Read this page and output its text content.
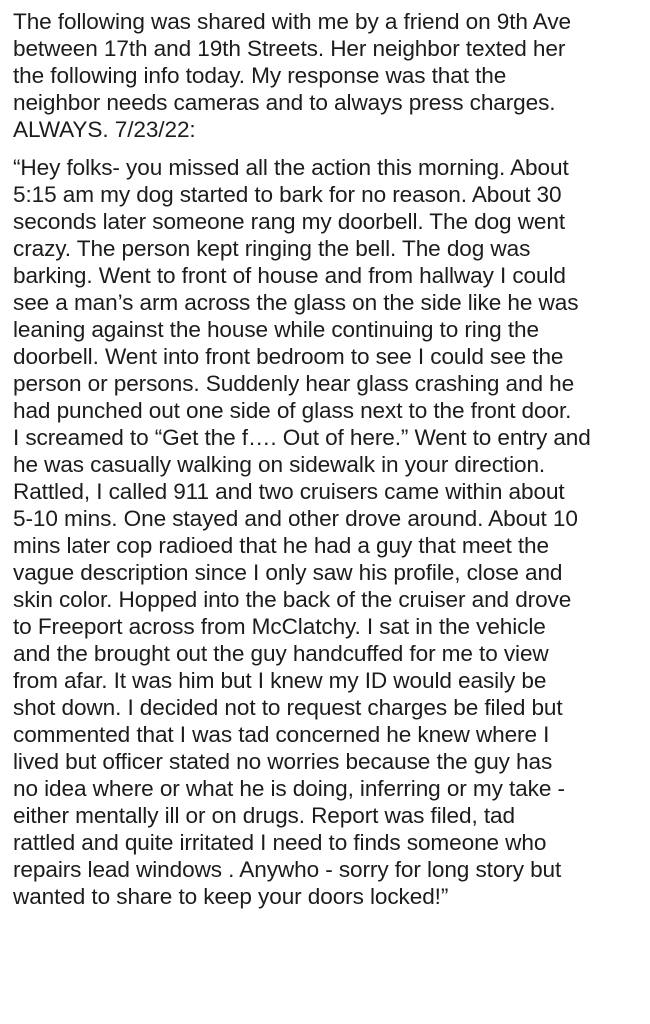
The following was shared with me by a friend on 9th Ave
between 17th and 19th Streets. Her neighbor texted her
the following info today. My response was that the
neighbor needs cameras and to always press charges.
ALWAYS. 7/23/22:
“Hey folks- you missed all the action this morning. About
5:15 am my dog started to bark for no reason. About 30
seconds later someone rang my doorbell. The dog went
crazy. The person kept ringing the bell. The dog was
barking. Went to front of house and from hallway I could
see a man’s arm across the glass on the side like he was
leaning against the house while continuing to ring the
doorbell. Went into front bedroom to see I could see the
person or persons. Suddenly hear glass crashing and he
had punched out one side of glass next to the front door.
I screamed to “Get the f…. Out of here.” Went to entry and
he was casually walking on sidewalk in your direction.
Rattled, I called 911 and two cruisers came within about
5-10 mins. One stayed and other drove around. About 10
mins later cop radioed that he had a guy that meet the
vague description since I only saw his profile, close and
skin color. Hopped into the back of the cruiser and drove
to Freeport across from McClatchy. I sat in the vehicle
and the brought out the guy handcuffed for me to view
from afar. It was him but I knew my ID would easily be
shot down. I decided not to request charges be filed but
commented that I was tad concerned he knew where I
lived but officer stated no worries because the guy has
no idea where or what he is doing, inferring or my take -
either mentally ill or on drugs. Report was filed, tad
rattled and quite irritated I need to finds someone who
repairs lead windows . Anywho - sorry for long story but
wanted to share to keep your doors locked!”
